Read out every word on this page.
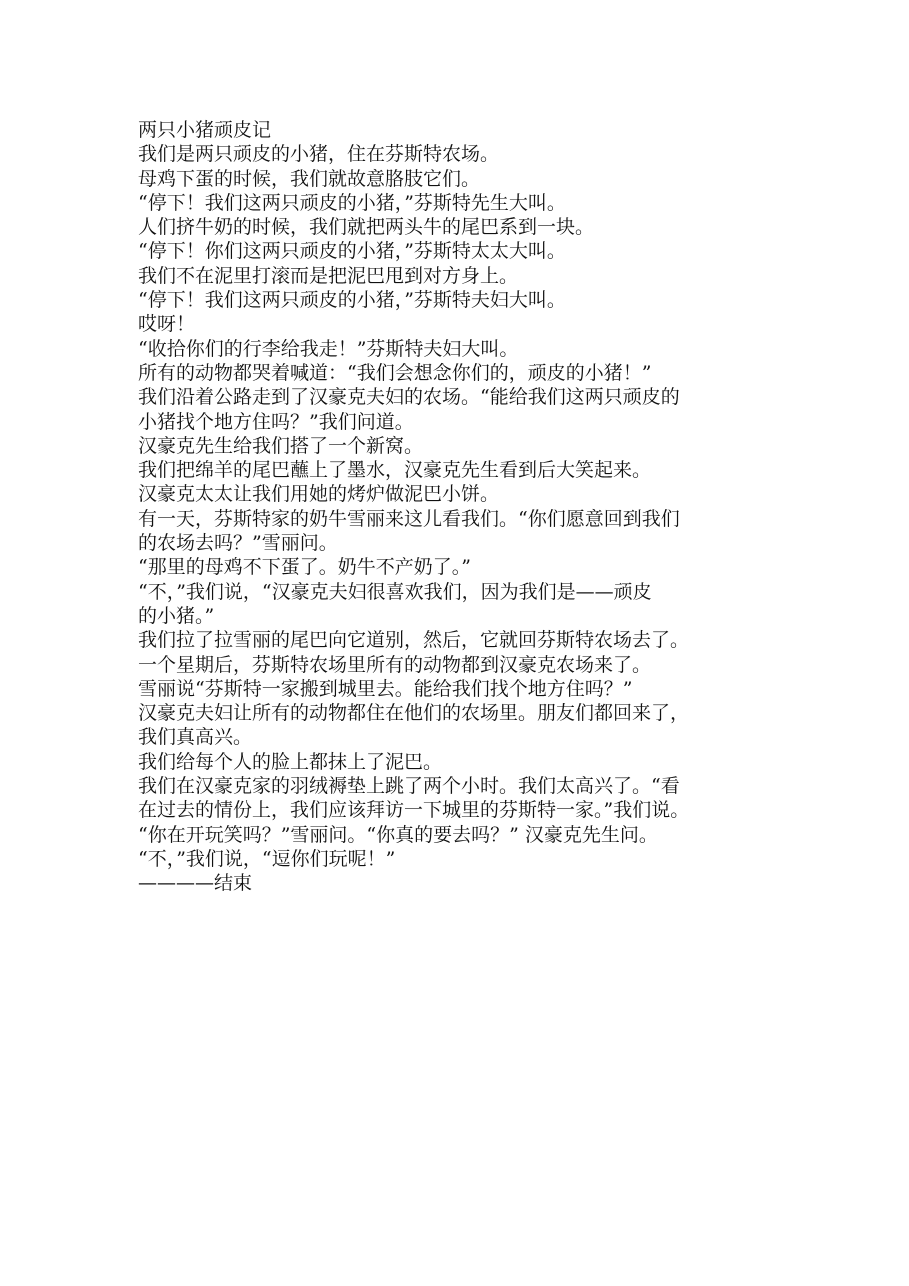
两只小猪顽皮记

我们是两只顽皮的小猪，住在芬斯特农场。

母鸡下蛋的时候，我们就故意胳肢它们。

“停下！我们这两只顽皮的小猪，”芬斯特先生大叫。

人们挤牛奶的时候，我们就把两头牛的尾巴系到一块。

“停下！你们这两只顽皮的小猪，”芬斯特太太大叫。

我们不在泥里打滚而是把泥巴甩到对方身上。

“停下！我们这两只顽皮的小猪，”芬斯特夫妇大叫。

哎呀！

“收拾你们的行李给我走！”芬斯特夫妇大叫。

所有的动物都哭着喊道：“我们会想念你们的，顽皮的小猪！”

我们沿着公路走到了汉豪克夫妇的农场。“能给我们这两只顽皮的

小猪找个地方住吗？”我们问道。

汉豪克先生给我们搭了一个新窝。

我们把绵羊的尾巴蘸上了墨水，汉豪克先生看到后大笑起来。

汉豪克太太让我们用她的烤炉做泥巴小饼。

有一天，芬斯特家的奶牛雪丽来这儿看我们。“你们愿意回到我们

的农场去吗？”雪丽问。

“那里的母鸡不下蛋了。奶牛不产奶了。”

“不，”我们说，“汉豪克夫妇很喜欢我们，因为我们是——顽皮

的小猪。”

我们拉了拉雪丽的尾巴向它道别，然后，它就回芬斯特农场去了。

一个星期后，芬斯特农场里所有的动物都到汉豪克农场来了。

雪丽说“芬斯特一家搬到城里去。能给我们找个地方住吗？”

汉豪克夫妇让所有的动物都住在他们的农场里。朋友们都回来了，

我们真高兴。

我们给每个人的脸上都抹上了泥巴。

我们在汉豪克家的羽绒褥垫上跳了两个小时。我们太高兴了。“看

在过去的情份上，我们应该拜访一下城里的芬斯特一家。”我们说。

“你在开玩笑吗？”雪丽问。“你真的要去吗？” 汉豪克先生问。

“不，”我们说，“逗你们玩呢！”

————结束
